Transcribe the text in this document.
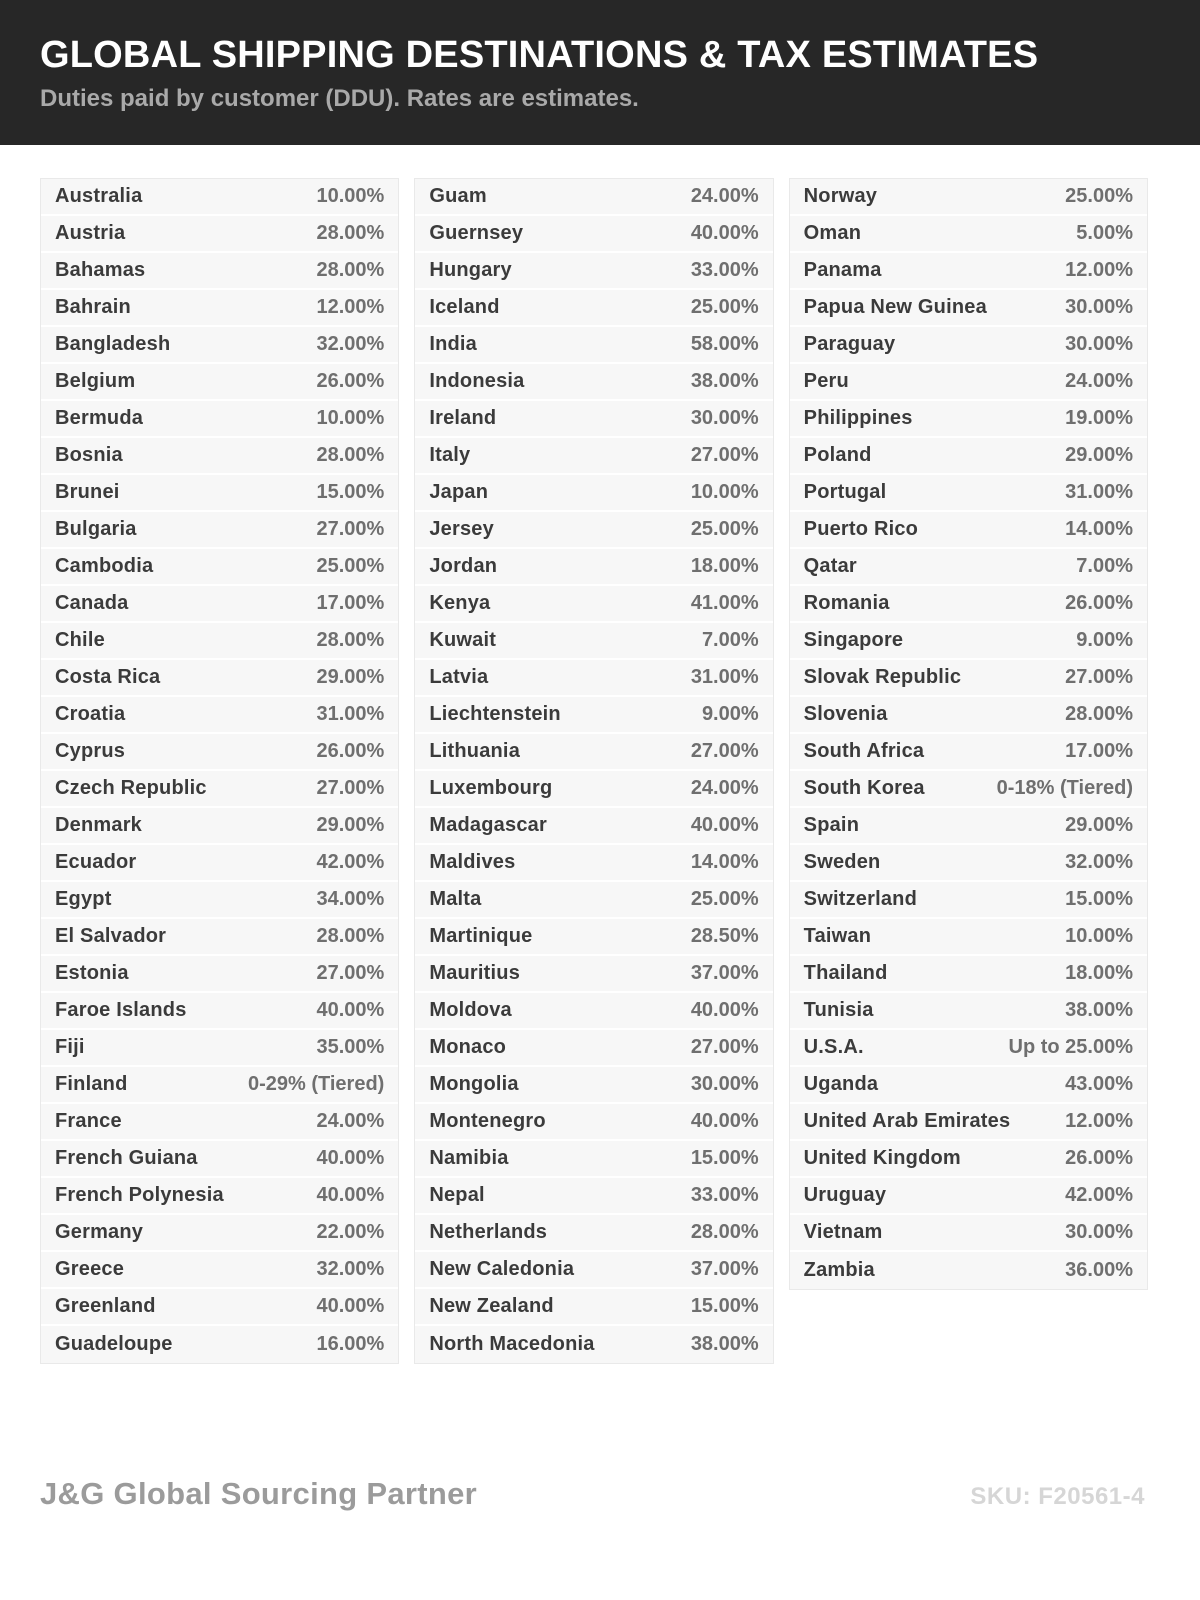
GLOBAL SHIPPING DESTINATIONS & TAX ESTIMATES
Duties paid by customer (DDU). Rates are estimates.
Australia	10.00%
Austria	28.00%
Bahamas	28.00%
Bahrain	12.00%
Bangladesh	32.00%
Belgium	26.00%
Bermuda	10.00%
Bosnia	28.00%
Brunei	15.00%
Bulgaria	27.00%
Cambodia	25.00%
Canada	17.00%
Chile	28.00%
Costa Rica	29.00%
Croatia	31.00%
Cyprus	26.00%
Czech Republic	27.00%
Denmark	29.00%
Ecuador	42.00%
Egypt	34.00%
El Salvador	28.00%
Estonia	27.00%
Faroe Islands	40.00%
Fiji	35.00%
Finland	0-29% (Tiered)
France	24.00%
French Guiana	40.00%
French Polynesia	40.00%
Germany	22.00%
Greece	32.00%
Greenland	40.00%
Guadeloupe	16.00%
Guam	24.00%
Guernsey	40.00%
Hungary	33.00%
Iceland	25.00%
India	58.00%
Indonesia	38.00%
Ireland	30.00%
Italy	27.00%
Japan	10.00%
Jersey	25.00%
Jordan	18.00%
Kenya	41.00%
Kuwait	7.00%
Latvia	31.00%
Liechtenstein	9.00%
Lithuania	27.00%
Luxembourg	24.00%
Madagascar	40.00%
Maldives	14.00%
Malta	25.00%
Martinique	28.50%
Mauritius	37.00%
Moldova	40.00%
Monaco	27.00%
Mongolia	30.00%
Montenegro	40.00%
Namibia	15.00%
Nepal	33.00%
Netherlands	28.00%
New Caledonia	37.00%
New Zealand	15.00%
North Macedonia	38.00%
Norway	25.00%
Oman	5.00%
Panama	12.00%
Papua New Guinea	30.00%
Paraguay	30.00%
Peru	24.00%
Philippines	19.00%
Poland	29.00%
Portugal	31.00%
Puerto Rico	14.00%
Qatar	7.00%
Romania	26.00%
Singapore	9.00%
Slovak Republic	27.00%
Slovenia	28.00%
South Africa	17.00%
South Korea	0-18% (Tiered)
Spain	29.00%
Sweden	32.00%
Switzerland	15.00%
Taiwan	10.00%
Thailand	18.00%
Tunisia	38.00%
U.S.A.	Up to 25.00%
Uganda	43.00%
United Arab Emirates	12.00%
United Kingdom	26.00%
Uruguay	42.00%
Vietnam	30.00%
Zambia	36.00%
J&G Global Sourcing Partner	SKU: F20561-4
